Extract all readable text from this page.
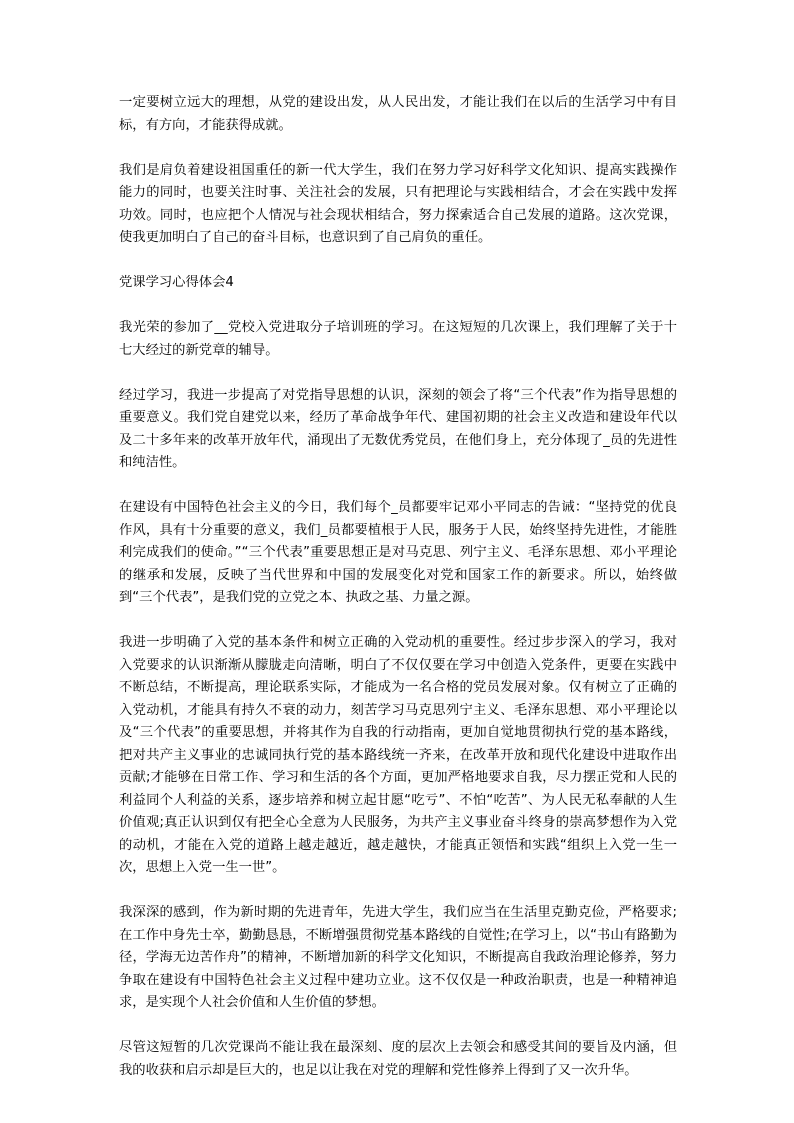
一定要树立远大的理想，从党的建设出发，从人民出发，才能让我们在以后的生活学习中有目标，有方向，才能获得成就。

我们是肩负着建设祖国重任的新一代大学生，我们在努力学习好科学文化知识、提高实践操作能力的同时，也要关注时事、关注社会的发展，只有把理论与实践相结合，才会在实践中发挥功效。同时，也应把个人情况与社会现状相结合，努力探索适合自己发展的道路。这次党课，使我更加明白了自己的奋斗目标，也意识到了自己肩负的重任。

党课学习心得体会4

我光荣的参加了__党校入党进取分子培训班的学习。在这短短的几次课上，我们理解了关于十七大经过的新党章的辅导。

经过学习，我进一步提高了对党指导思想的认识，深刻的领会了将“三个代表”作为指导思想的重要意义。我们党自建党以来，经历了革命战争年代、建国初期的社会主义改造和建设年代以及二十多年来的改革开放年代，涌现出了无数优秀党员，在他们身上，充分体现了_员的先进性和纯洁性。

在建设有中国特色社会主义的今日，我们每个_员都要牢记邓小平同志的告诫：“坚持党的优良作风，具有十分重要的意义，我们_员都要植根于人民，服务于人民，始终坚持先进性，才能胜利完成我们的使命。”“三个代表”重要思想正是对马克思、列宁主义、毛泽东思想、邓小平理论的继承和发展，反映了当代世界和中国的发展变化对党和国家工作的新要求。所以，始终做到“三个代表”，是我们党的立党之本、执政之基、力量之源。

我进一步明确了入党的基本条件和树立正确的入党动机的重要性。经过步步深入的学习，我对入党要求的认识渐渐从朦胧走向清晰，明白了不仅仅要在学习中创造入党条件，更要在实践中不断总结，不断提高，理论联系实际，才能成为一名合格的党员发展对象。仅有树立了正确的入党动机，才能具有持久不衰的动力，刻苦学习马克思列宁主义、毛泽东思想、邓小平理论以及“三个代表”的重要思想，并将其作为自我的行动指南，更加自觉地贯彻执行党的基本路线，把对共产主义事业的忠诚同执行党的基本路线统一齐来，在改革开放和现代化建设中进取作出贡献;才能够在日常工作、学习和生活的各个方面，更加严格地要求自我，尽力摆正党和人民的利益同个人利益的关系，逐步培养和树立起甘愿“吃亏”、不怕“吃苦”、为人民无私奉献的人生价值观;真正认识到仅有把全心全意为人民服务，为共产主义事业奋斗终身的崇高梦想作为入党的动机，才能在入党的道路上越走越近，越走越快，才能真正领悟和实践“组织上入党一生一次，思想上入党一生一世”。

我深深的感到，作为新时期的先进青年，先进大学生，我们应当在生活里克勤克俭，严格要求;在工作中身先士卒，勤勤恳恳，不断增强贯彻党基本路线的自觉性;在学习上，以“书山有路勤为径，学海无边苦作舟”的精神，不断增加新的科学文化知识，不断提高自我政治理论修养，努力争取在建设有中国特色社会主义过程中建功立业。这不仅仅是一种政治职责，也是一种精神追求，是实现个人社会价值和人生价值的梦想。

尽管这短暂的几次党课尚不能让我在最深刻、度的层次上去领会和感受其间的要旨及内涵，但我的收获和启示却是巨大的，也足以让我在对党的理解和党性修养上得到了又一次升华。
